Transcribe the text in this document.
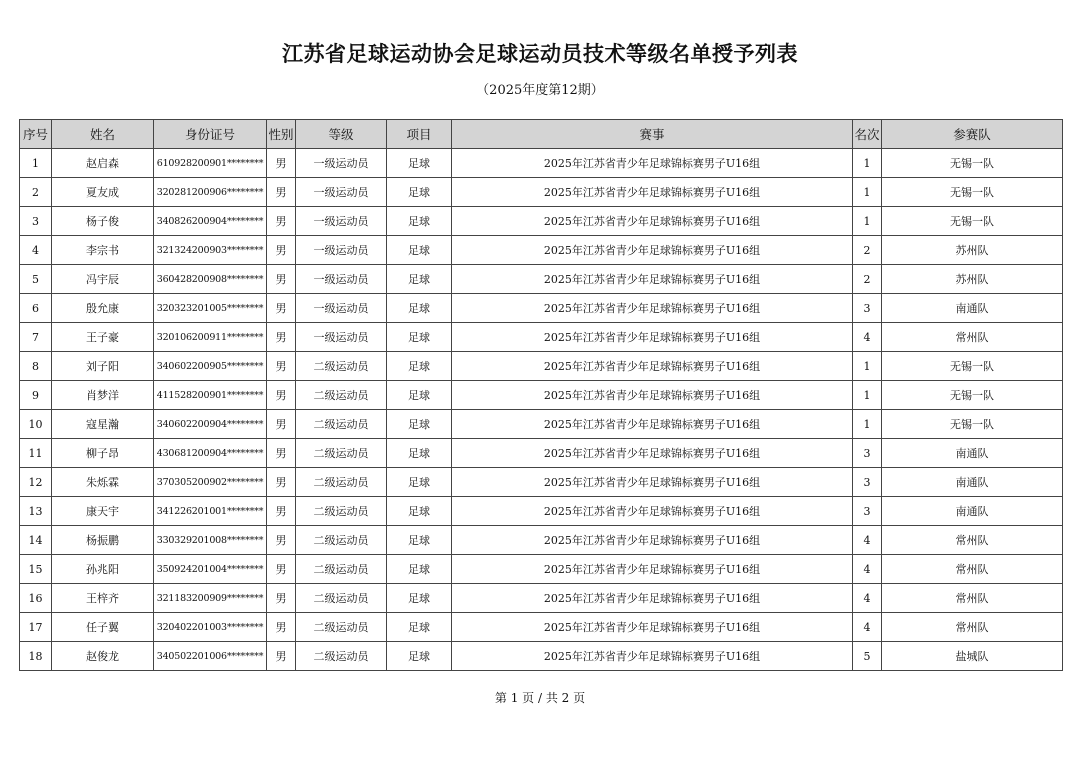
江苏省足球运动协会足球运动员技术等级名单授予列表
（2025年度第12期）
序号	姓名	身份证号	性别	等级	项目	赛事	名次	参赛队
1	赵启森	610928200901********	男	一级运动员	足球	2025年江苏省青少年足球锦标赛男子U16组	1	无锡一队
2	夏友成	320281200906********	男	一级运动员	足球	2025年江苏省青少年足球锦标赛男子U16组	1	无锡一队
3	杨子俊	340826200904********	男	一级运动员	足球	2025年江苏省青少年足球锦标赛男子U16组	1	无锡一队
4	李宗书	321324200903********	男	一级运动员	足球	2025年江苏省青少年足球锦标赛男子U16组	2	苏州队
5	冯宇辰	360428200908********	男	一级运动员	足球	2025年江苏省青少年足球锦标赛男子U16组	2	苏州队
6	殷允康	320323201005********	男	一级运动员	足球	2025年江苏省青少年足球锦标赛男子U16组	3	南通队
7	王子豪	320106200911********	男	一级运动员	足球	2025年江苏省青少年足球锦标赛男子U16组	4	常州队
8	刘子阳	340602200905********	男	二级运动员	足球	2025年江苏省青少年足球锦标赛男子U16组	1	无锡一队
9	肖梦洋	411528200901********	男	二级运动员	足球	2025年江苏省青少年足球锦标赛男子U16组	1	无锡一队
10	寇星瀚	340602200904********	男	二级运动员	足球	2025年江苏省青少年足球锦标赛男子U16组	1	无锡一队
11	柳子昂	430681200904********	男	二级运动员	足球	2025年江苏省青少年足球锦标赛男子U16组	3	南通队
12	朱烁霖	370305200902********	男	二级运动员	足球	2025年江苏省青少年足球锦标赛男子U16组	3	南通队
13	康天宇	341226201001********	男	二级运动员	足球	2025年江苏省青少年足球锦标赛男子U16组	3	南通队
14	杨振鹏	330329201008********	男	二级运动员	足球	2025年江苏省青少年足球锦标赛男子U16组	4	常州队
15	孙兆阳	350924201004********	男	二级运动员	足球	2025年江苏省青少年足球锦标赛男子U16组	4	常州队
16	王梓齐	321183200909********	男	二级运动员	足球	2025年江苏省青少年足球锦标赛男子U16组	4	常州队
17	任子翼	320402201003********	男	二级运动员	足球	2025年江苏省青少年足球锦标赛男子U16组	4	常州队
18	赵俊龙	340502201006********	男	二级运动员	足球	2025年江苏省青少年足球锦标赛男子U16组	5	盐城队
第 1 页 / 共 2 页
